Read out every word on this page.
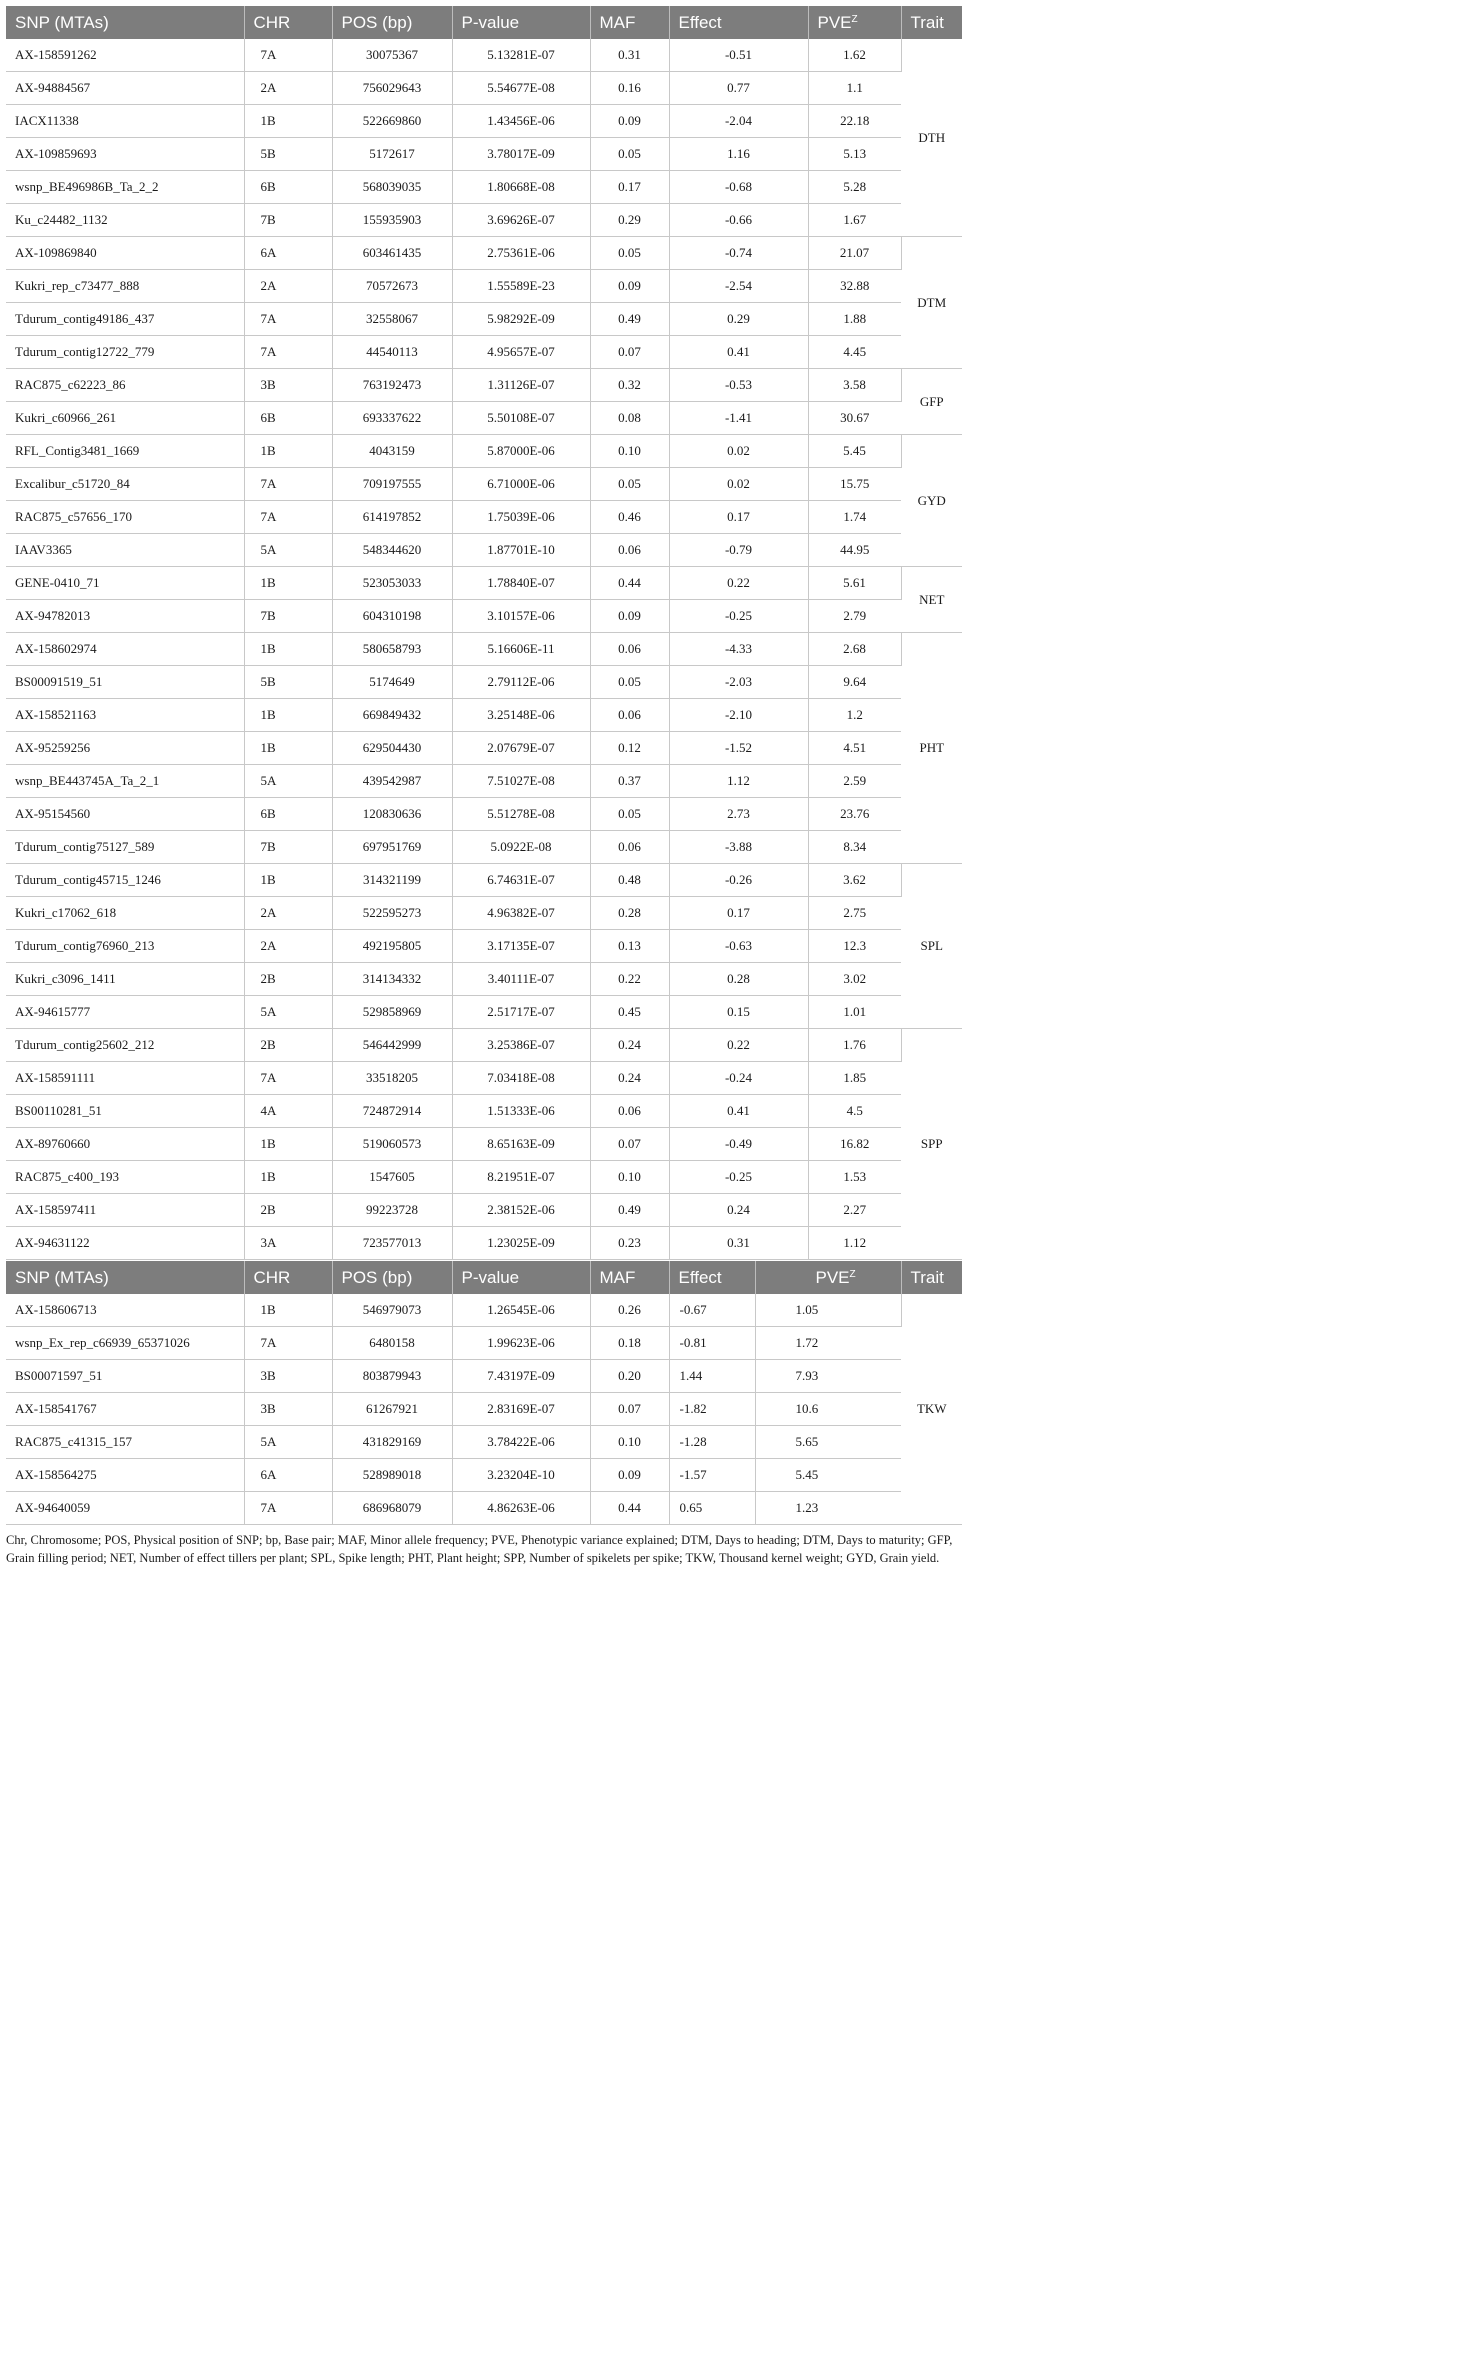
SNP (MTAs)	CHR	POS (bp)	P-value	MAF	Effect	$PVE^Z$	Trait
AX-158591262	7A	30075367	5.13281E-07	0.31	-0.51	1.62	DTH
AX-94884567	2A	756029643	5.54677E-08	0.16	0.77	1.1	
IACX11338	1B	522669860	1.43456E-06	0.09	-2.04	22.18	
AX-109859693	5B	5172617	3.78017E-09	0.05	1.16	5.13	
wsnp_BE496986B_Ta_2_2	6B	568039035	1.80668E-08	0.17	-0.68	5.28	
Ku_c24482_1132	7B	155935903	3.69626E-07	0.29	-0.66	1.67	
AX-109869840	6A	603461435	2.75361E-06	0.05	-0.74	21.07	DTM
Kukri_rep_c73477_888	2A	70572673	1.55589E-23	0.09	-2.54	32.88	
Tdurum_contig49186_437	7A	32558067	5.98292E-09	0.49	0.29	1.88	
Tdurum_contig12722_779	7A	44540113	4.95657E-07	0.07	0.41	4.45	
RAC875_c62223_86	3B	763192473	1.31126E-07	0.32	-0.53	3.58	GFP
Kukri_c60966_261	6B	693337622	5.50108E-07	0.08	-1.41	30.67	
RFL_Contig3481_1669	1B	4043159	5.87000E-06	0.10	0.02	5.45	GYD
Excalibur_c51720_84	7A	709197555	6.71000E-06	0.05	0.02	15.75	
RAC875_c57656_170	7A	614197852	1.75039E-06	0.46	0.17	1.74	
IAAV3365	5A	548344620	1.87701E-10	0.06	-0.79	44.95	
GENE-0410_71	1B	523053033	1.78840E-07	0.44	0.22	5.61	NET
AX-94782013	7B	604310198	3.10157E-06	0.09	-0.25	2.79	
AX-158602974	1B	580658793	5.16606E-11	0.06	-4.33	2.68	PHT
BS00091519_51	5B	5174649	2.79112E-06	0.05	-2.03	9.64	
AX-158521163	1B	669849432	3.25148E-06	0.06	-2.10	1.2	
AX-95259256	1B	629504430	2.07679E-07	0.12	-1.52	4.51	
wsnp_BE443745A_Ta_2_1	5A	439542987	7.51027E-08	0.37	1.12	2.59	
AX-95154560	6B	120830636	5.51278E-08	0.05	2.73	23.76	
Tdurum_contig75127_589	7B	697951769	5.0922E-08	0.06	-3.88	8.34	
Tdurum_contig45715_1246	1B	314321199	6.74631E-07	0.48	-0.26	3.62	SPL
Kukri_c17062_618	2A	522595273	4.96382E-07	0.28	0.17	2.75	
Tdurum_contig76960_213	2A	492195805	3.17135E-07	0.13	-0.63	12.3	
Kukri_c3096_1411	2B	314134332	3.40111E-07	0.22	0.28	3.02	
AX-94615777	5A	529858969	2.51717E-07	0.45	0.15	1.01	
Tdurum_contig25602_212	2B	546442999	3.25386E-07	0.24	0.22	1.76	SPP
AX-158591111	7A	33518205	7.03418E-08	0.24	-0.24	1.85	
BS00110281_51	4A	724872914	1.51333E-06	0.06	0.41	4.5	
AX-89760660	1B	519060573	8.65163E-09	0.07	-0.49	16.82	
RAC875_c400_193	1B	1547605	8.21951E-07	0.10	-0.25	1.53	
AX-158597411	2B	99223728	2.38152E-06	0.49	0.24	2.27	
AX-94631122	3A	723577013	1.23025E-09	0.23	0.31	1.12	
SNP (MTAs)	CHR	POS (bp)	P-value	MAF	Effect	$PVE^Z$	Trait
AX-158606713	1B	546979073	1.26545E-06	0.26	-0.67	1.05	TKW
wsnp_Ex_rep_c66939_65371026	7A	6480158	1.99623E-06	0.18	-0.81	1.72	
BS00071597_51	3B	803879943	7.43197E-09	0.20	1.44	7.93	
AX-158541767	3B	61267921	2.83169E-07	0.07	-1.82	10.6	
RAC875_c41315_157	5A	431829169	3.78422E-06	0.10	-1.28	5.65	
AX-158564275	6A	528989018	3.23204E-10	0.09	-1.57	5.45	
AX-94640059	7A	686968079	4.86263E-06	0.44	0.65	1.23	
Chr, Chromosome; POS, Physical position of SNP; bp, Base pair; MAF, Minor allele frequency; PVE, Phenotypic variance explained; DTM, Days to heading; DTM, Days to maturity; GFP, Grain filling period; NET, Number of effect tillers per plant; SPL, Spike length; PHT, Plant height; SPP, Number of spikelets per spike; TKW, Thousand kernel weight; GYD, Grain yield.
